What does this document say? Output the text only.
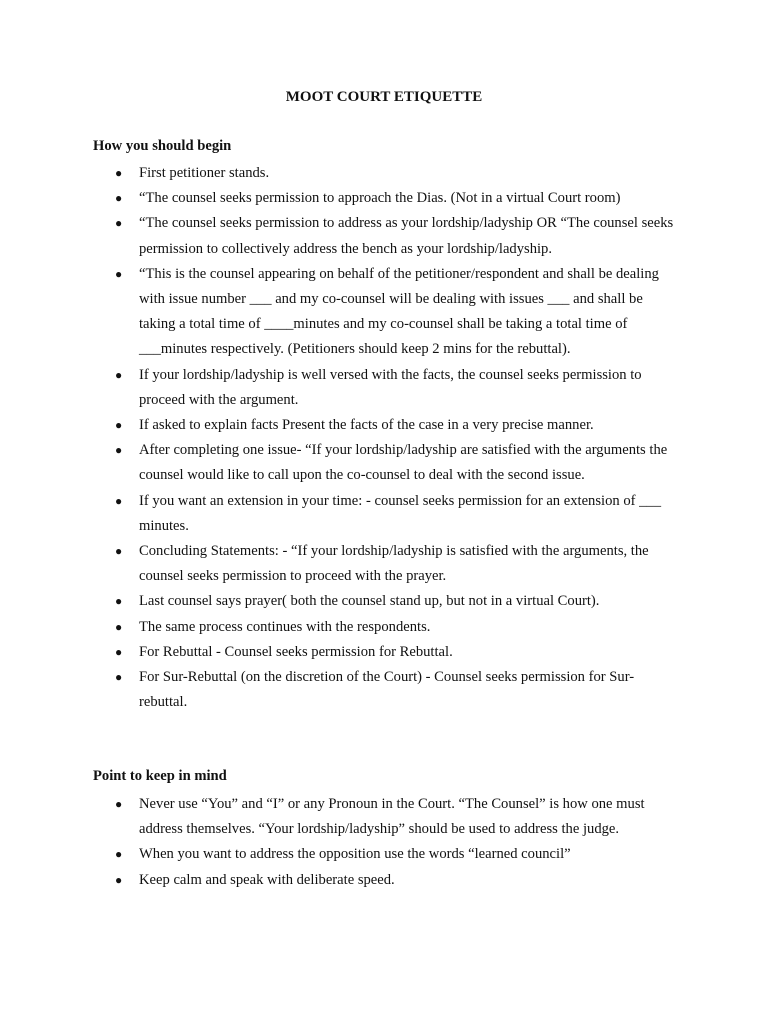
MOOT COURT ETIQUETTE
How you should begin
● First petitioner stands.
● “The counsel seeks permission to approach the Dias. (Not in a virtual Court room)
● “The counsel seeks permission to address as your lordship/ladyship OR “The counsel seeks permission to collectively address the bench as your lordship/ladyship.
● “This is the counsel appearing on behalf of the petitioner/respondent and shall be dealing with issue number ___ and my co-counsel will be dealing with issues ___ and shall be taking a total time of ____minutes and my co-counsel shall be taking a total time of ___minutes respectively. (Petitioners should keep 2 mins for the rebuttal).
● If your lordship/ladyship is well versed with the facts, the counsel seeks permission to proceed with the argument.
● If asked to explain facts Present the facts of the case in a very precise manner.
● After completing one issue- “If your lordship/ladyship are satisfied with the arguments the counsel would like to call upon the co-counsel to deal with the second issue.
● If you want an extension in your time: - counsel seeks permission for an extension of ___ minutes.
● Concluding Statements: - “If your lordship/ladyship is satisfied with the arguments, the counsel seeks permission to proceed with the prayer.
● Last counsel says prayer( both the counsel stand up, but not in a virtual Court).
● The same process continues with the respondents.
● For Rebuttal - Counsel seeks permission for Rebuttal.
● For Sur-Rebuttal (on the discretion of the Court) - Counsel seeks permission for Sur-rebuttal.
Point to keep in mind
● Never use “You” and “I” or any Pronoun in the Court. “The Counsel” is how one must address themselves. “Your lordship/ladyship” should be used to address the judge.
● When you want to address the opposition use the words “learned council”
● Keep calm and speak with deliberate speed.
